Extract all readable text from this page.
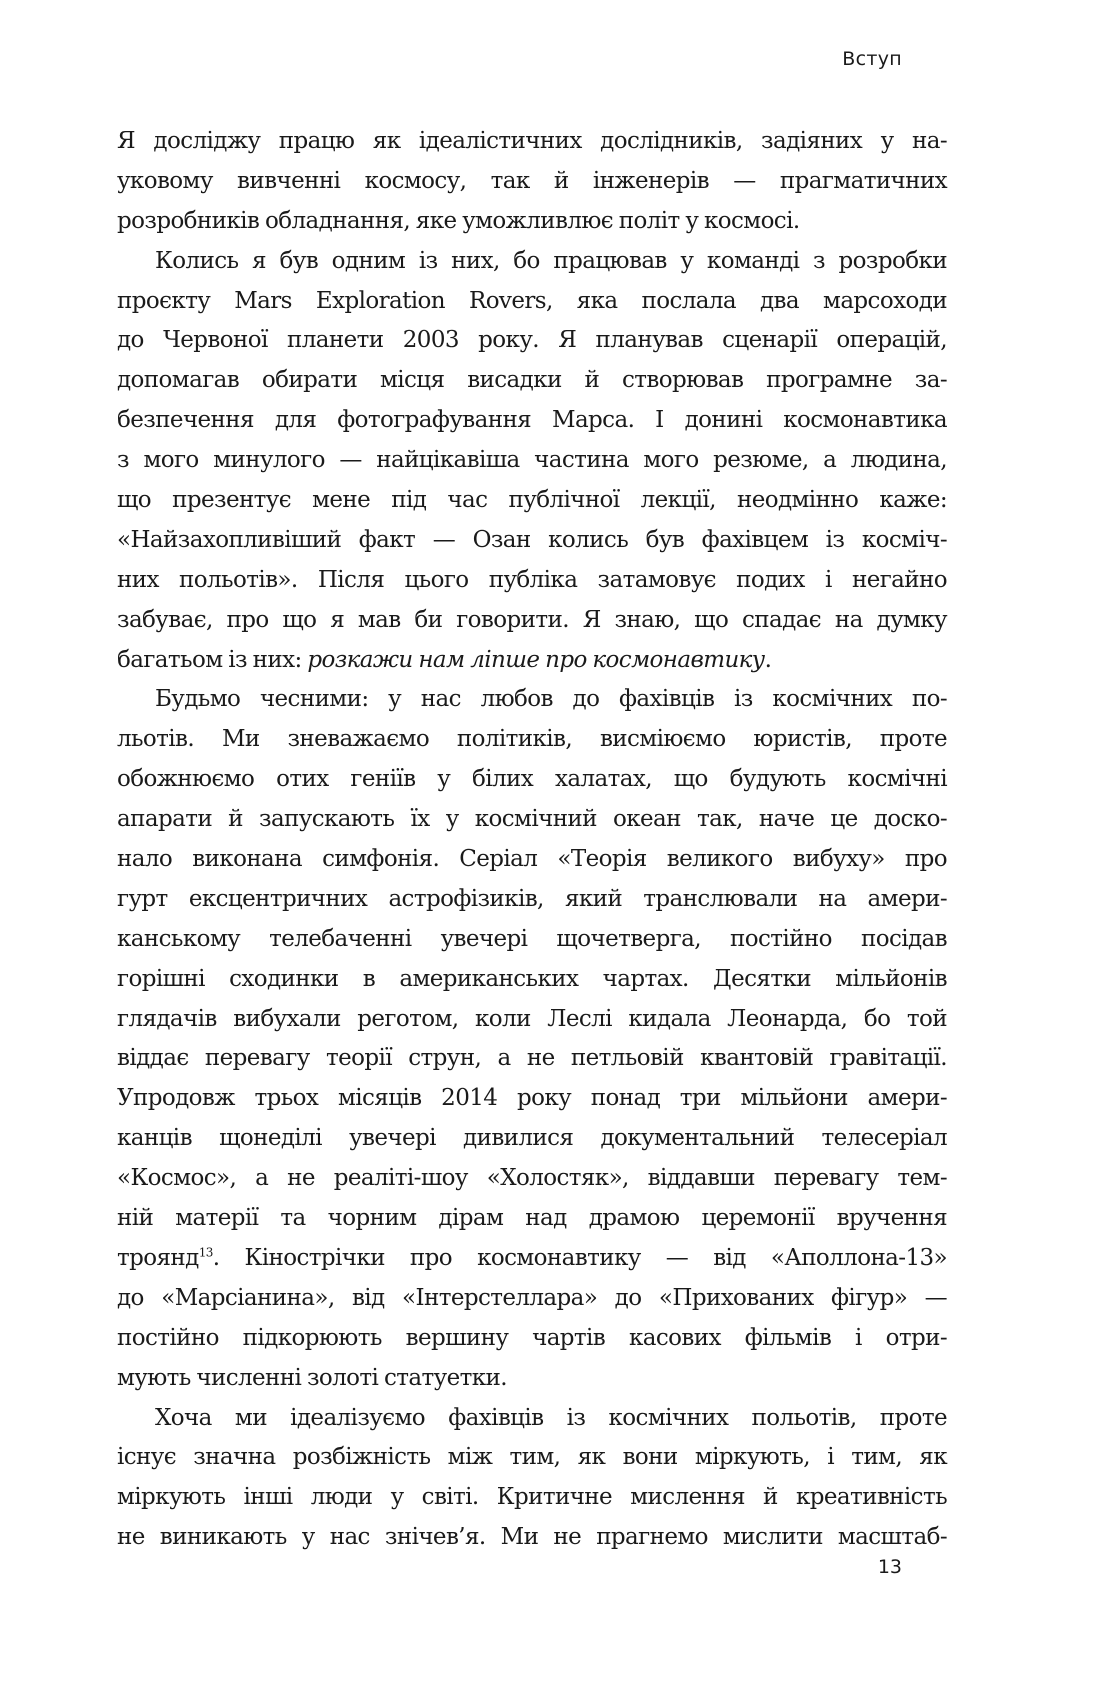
Вступ
Я досліджу працю як ідеалістичних дослідників, задіяних у на-
уковому вивченні космосу, так й інженерів — прагматичних
розробників обладнання, яке уможливлює політ у космосі.
Колись я був одним із них, бо працював у команді з розробки
проєкту Mars Exploration Rovers, яка послала два марсоходи
до Червоної планети 2003 року. Я планував сценарії операцій,
допомагав обирати місця висадки й створював програмне за-
безпечення для фотографування Марса. І донині космонавтика
з мого минулого — найцікавіша частина мого резюме, а людина,
що презентує мене під час публічної лекції, неодмінно каже:
«Найзахопливіший факт — Озан колись був фахівцем із косміч-
них польотів». Після цього публіка затамовує подих і негайно
забуває, про що я мав би говорити. Я знаю, що спадає на думку
багатьом із них: розкажи нам ліпше про космонавтику.
Будьмо чесними: у нас любов до фахівців із космічних по-
льотів. Ми зневажаємо політиків, висміюємо юристів, проте
обожнюємо отих геніїв у білих халатах, що будують космічні
апарати й запускають їх у космічний океан так, наче це доско-
нало виконана симфонія. Серіал «Теорія великого вибуху» про
гурт ексцентричних астрофізиків, який транслювали на амери-
канському телебаченні увечері щочетверга, постійно посідав
горішні сходинки в американських чартах. Десятки мільйонів
глядачів вибухали реготом, коли Леслі кидала Леонарда, бо той
віддає перевагу теорії струн, а не петльовій квантовій гравітації.
Упродовж трьох місяців 2014 року понад три мільйони амери-
канців щонеділі увечері дивилися документальний телесеріал
«Космос», а не реаліті-шоу «Холостяк», віддавши перевагу тем-
ній матерії та чорним дірам над драмою церемонії вручення
троянд$^{13}$. Кінострічки про космонавтику — від «Аполлона-13»
до «Марсіанина», від «Інтерстеллара» до «Прихованих фігур» —
постійно підкорюють вершину чартів касових фільмів і отри-
мують численні золоті статуетки.
Хоча ми ідеалізуємо фахівців із космічних польотів, проте
існує значна розбіжність між тим, як вони міркують, і тим, як
міркують інші люди у світі. Критичне мислення й креативність
не виникають у нас знічев’я. Ми не прагнемо мислити масштаб-
13
